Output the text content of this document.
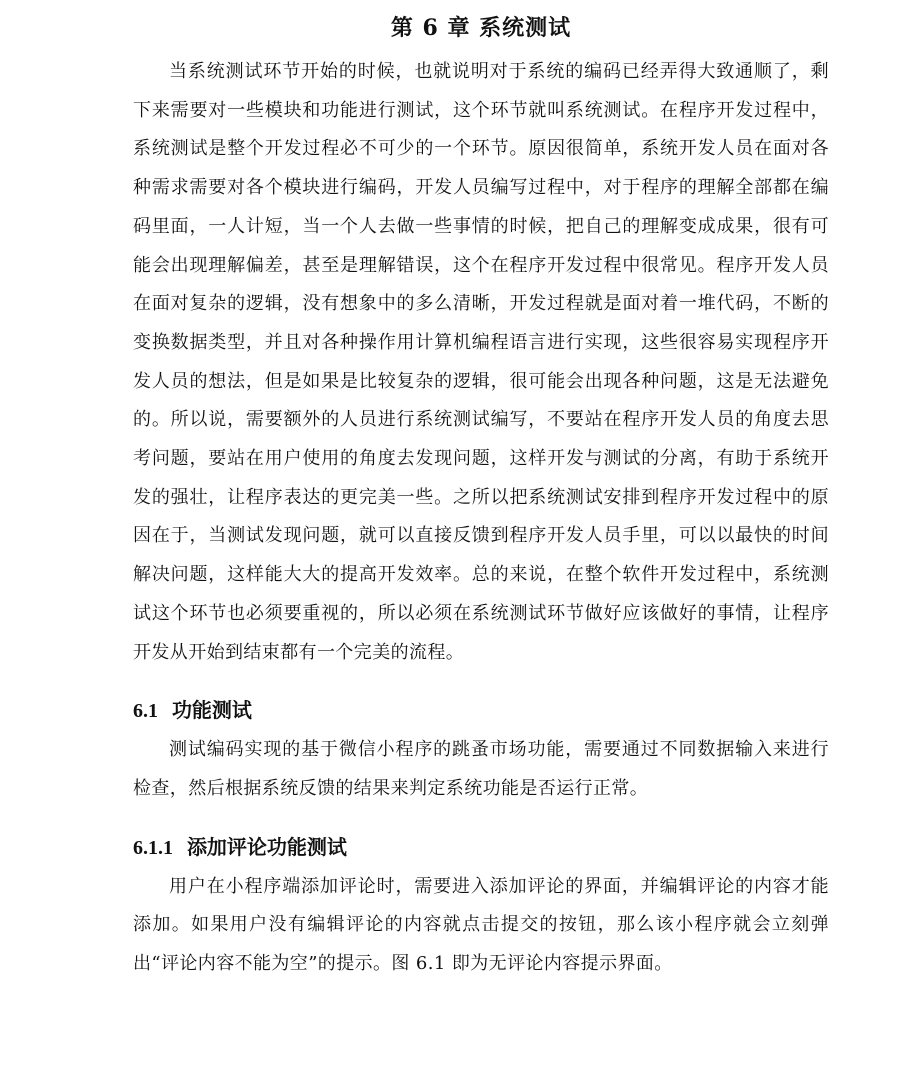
第 6 章 系统测试

当系统测试环节开始的时候，也就说明对于系统的编码已经弄得大致通顺了，剩下来需要对一些模块和功能进行测试，这个环节就叫系统测试。在程序开发过程中，系统测试是整个开发过程必不可少的一个环节。原因很简单，系统开发人员在面对各种需求需要对各个模块进行编码，开发人员编写过程中，对于程序的理解全部都在编码里面，一人计短，当一个人去做一些事情的时候，把自己的理解变成成果，很有可能会出现理解偏差，甚至是理解错误，这个在程序开发过程中很常见。程序开发人员在面对复杂的逻辑，没有想象中的多么清晰，开发过程就是面对着一堆代码，不断的变换数据类型，并且对各种操作用计算机编程语言进行实现，这些很容易实现程序开发人员的想法，但是如果是比较复杂的逻辑，很可能会出现各种问题，这是无法避免的。所以说，需要额外的人员进行系统测试编写，不要站在程序开发人员的角度去思考问题，要站在用户使用的角度去发现问题，这样开发与测试的分离，有助于系统开发的强壮，让程序表达的更完美一些。之所以把系统测试安排到程序开发过程中的原因在于，当测试发现问题，就可以直接反馈到程序开发人员手里，可以以最快的时间解决问题，这样能大大的提高开发效率。总的来说，在整个软件开发过程中，系统测试这个环节也必须要重视的，所以必须在系统测试环节做好应该做好的事情，让程序开发从开始到结束都有一个完美的流程。

6.1 功能测试

测试编码实现的基于微信小程序的跳蚤市场功能，需要通过不同数据输入来进行检查，然后根据系统反馈的结果来判定系统功能是否运行正常。

6.1.1 添加评论功能测试

用户在小程序端添加评论时，需要进入添加评论的界面，并编辑评论的内容才能添加。如果用户没有编辑评论的内容就点击提交的按钮，那么该小程序就会立刻弹出“评论内容不能为空”的提示。图 6.1 即为无评论内容提示界面。
